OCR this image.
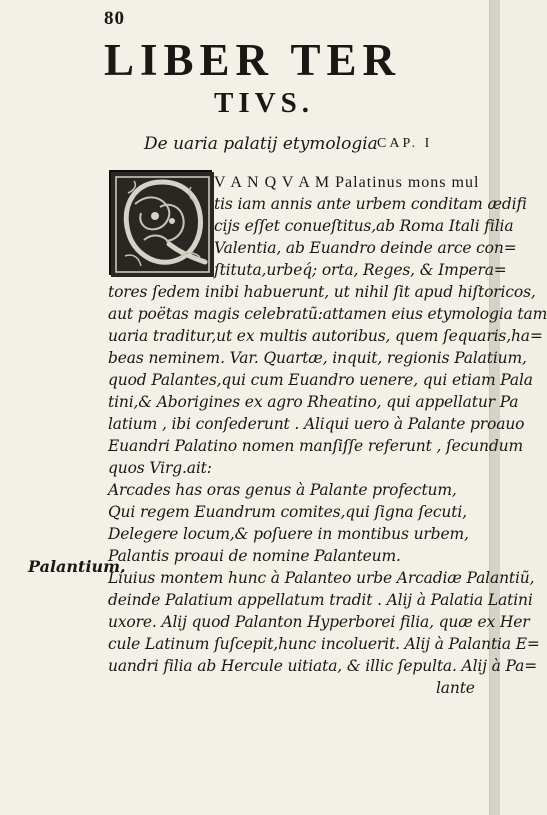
80
LIBER TER
TIVS.
De uaria palatij etymologia CAP. I
V A N Q V A M Palatinus mons mul
tis iam annis ante urbem conditam ædifi
cijs eſſet conueſtitus,ab Roma Itali filia
Valentia, ab Euandro deinde arce con=
ſtituta,urbeq́; orta, Reges, & Impera=
tores ſedem inibi habuerunt, ut nihil ſit apud hiſtoricos,
aut poëtas magis celebratũ:attamen eius etymologia tam
uaria traditur,ut ex multis autoribus, quem ſequaris,ha=
beas neminem. Var. Quartæ, inquit, regionis Palatium,
quod Palantes,qui cum Euandro uenere, qui etiam Pala
tini,& Aborigines ex agro Rheatino, qui appellatur Pa
latium , ibi conſederunt . Aliqui uero à Palante proauo
Euandri Palatino nomen manſiſſe referunt , ſecundum
quos Virg.ait:
Arcades has oras genus à Palante profectum,
Qui regem Euandrum comites,qui ſigna ſecuti,
Delegere locum,& poſuere in montibus urbem,
Palantis proaui de nomine Palanteum.
Liuius montem hunc à Palanteo urbe Arcadiæ Palantiũ,
deinde Palatium appellatum tradit . Alij à Palatia Latini
uxore. Alij quod Palanton Hyperborei filia, quæ ex Her
cule Latinum ſuſcepit,hunc incoluerit. Alij à Palantia E=
uandri filia ab Hercule uitiata, & illic ſepulta. Alij à Pa=
lante
Palantium.
